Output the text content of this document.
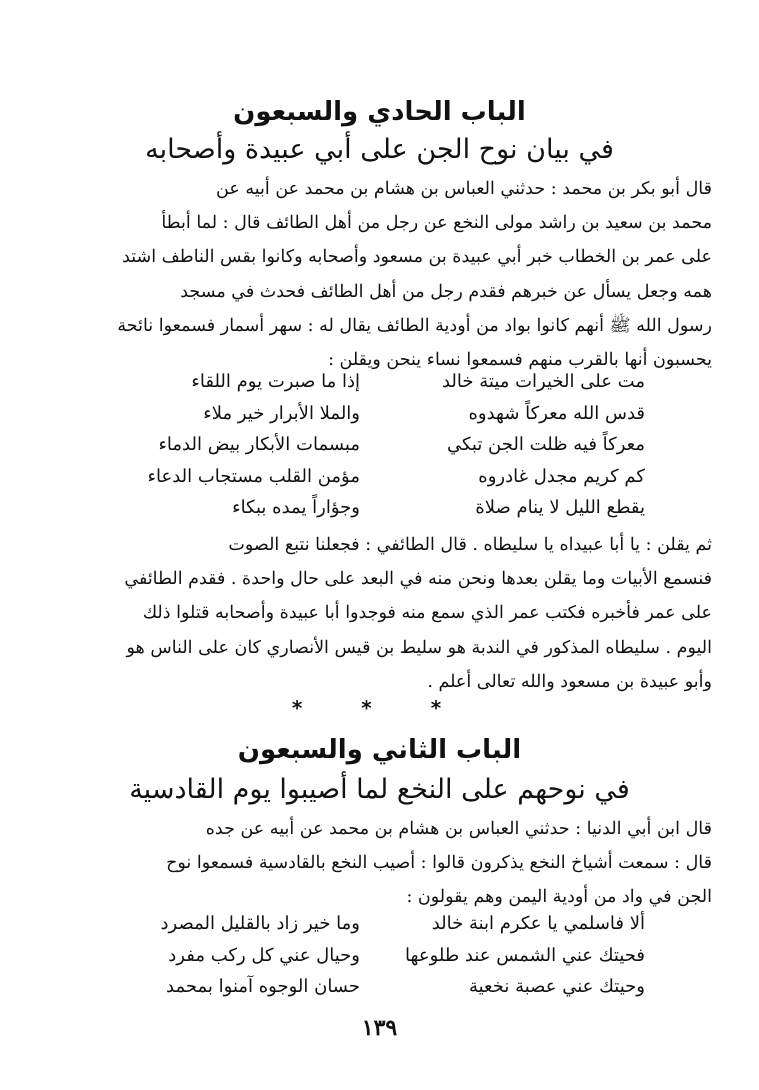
الباب الحادي والسبعون
في بيان نوح الجن على أبي عبيدة وأصحابه
قال أبو بكر بن محمد : حدثني العباس بن هشام بن محمد عن أبيه عن
محمد بن سعيد بن راشد مولى النخع عن رجل من أهل الطائف قال : لما أبطأ
على عمر بن الخطاب خبر أبي عبيدة بن مسعود وأصحابه وكانوا بقس الناطف اشتد
همه وجعل يسأل عن خبرهم فقدم رجل من أهل الطائف فحدث في مسجد
رسول الله ﷺ أنهم كانوا بواد من أودية الطائف يقال له : سهر أسمار فسمعوا نائحة
يحسبون أنها بالقرب منهم فسمعوا نساء ينحن ويقلن :
مت على الخيرات ميتة خالد
إذا ما صبرت يوم اللقاء
قدس الله معركاً شهدوه
والملا الأبرار خير ملاء
معركاً فيه ظلت الجن تبكي
مبسمات الأبكار بيض الدماء
كم كريم مجدل غادروه
مؤمن القلب مستجاب الدعاء
يقطع الليل لا ينام صلاة
وجؤاراً يمده ببكاء
ثم يقلن : يا أبا عبيداه يا سليطاه . قال الطائفي : فجعلنا نتبع الصوت
فنسمع الأبيات وما يقلن بعدها ونحن منه في البعد على حال واحدة . فقدم الطائفي
على عمر فأخبره فكتب عمر الذي سمع منه فوجدوا أبا عبيدة وأصحابه قتلوا ذلك
اليوم . سليطاه المذكور في الندبة هو سليط بن قيس الأنصاري كان على الناس هو
وأبو عبيدة بن مسعود والله تعالى أعلم .
* * *
الباب الثاني والسبعون
في نوحهم على النخع لما أصيبوا يوم القادسية
قال ابن أبي الدنيا : حدثني العباس بن هشام بن محمد عن أبيه عن جده
قال : سمعت أشياخ النخع يذكرون قالوا : أصيب النخع بالقادسية فسمعوا نوح
الجن في واد من أودية اليمن وهم يقولون :
ألا فاسلمي يا عكرم ابنة خالد
وما خير زاد بالقليل المصرد
فحيتك عني الشمس عند طلوعها
وحيال عني كل ركب مفرد
وحيتك عني عصبة نخعية
حسان الوجوه آمنوا بمحمد
١٣٩
